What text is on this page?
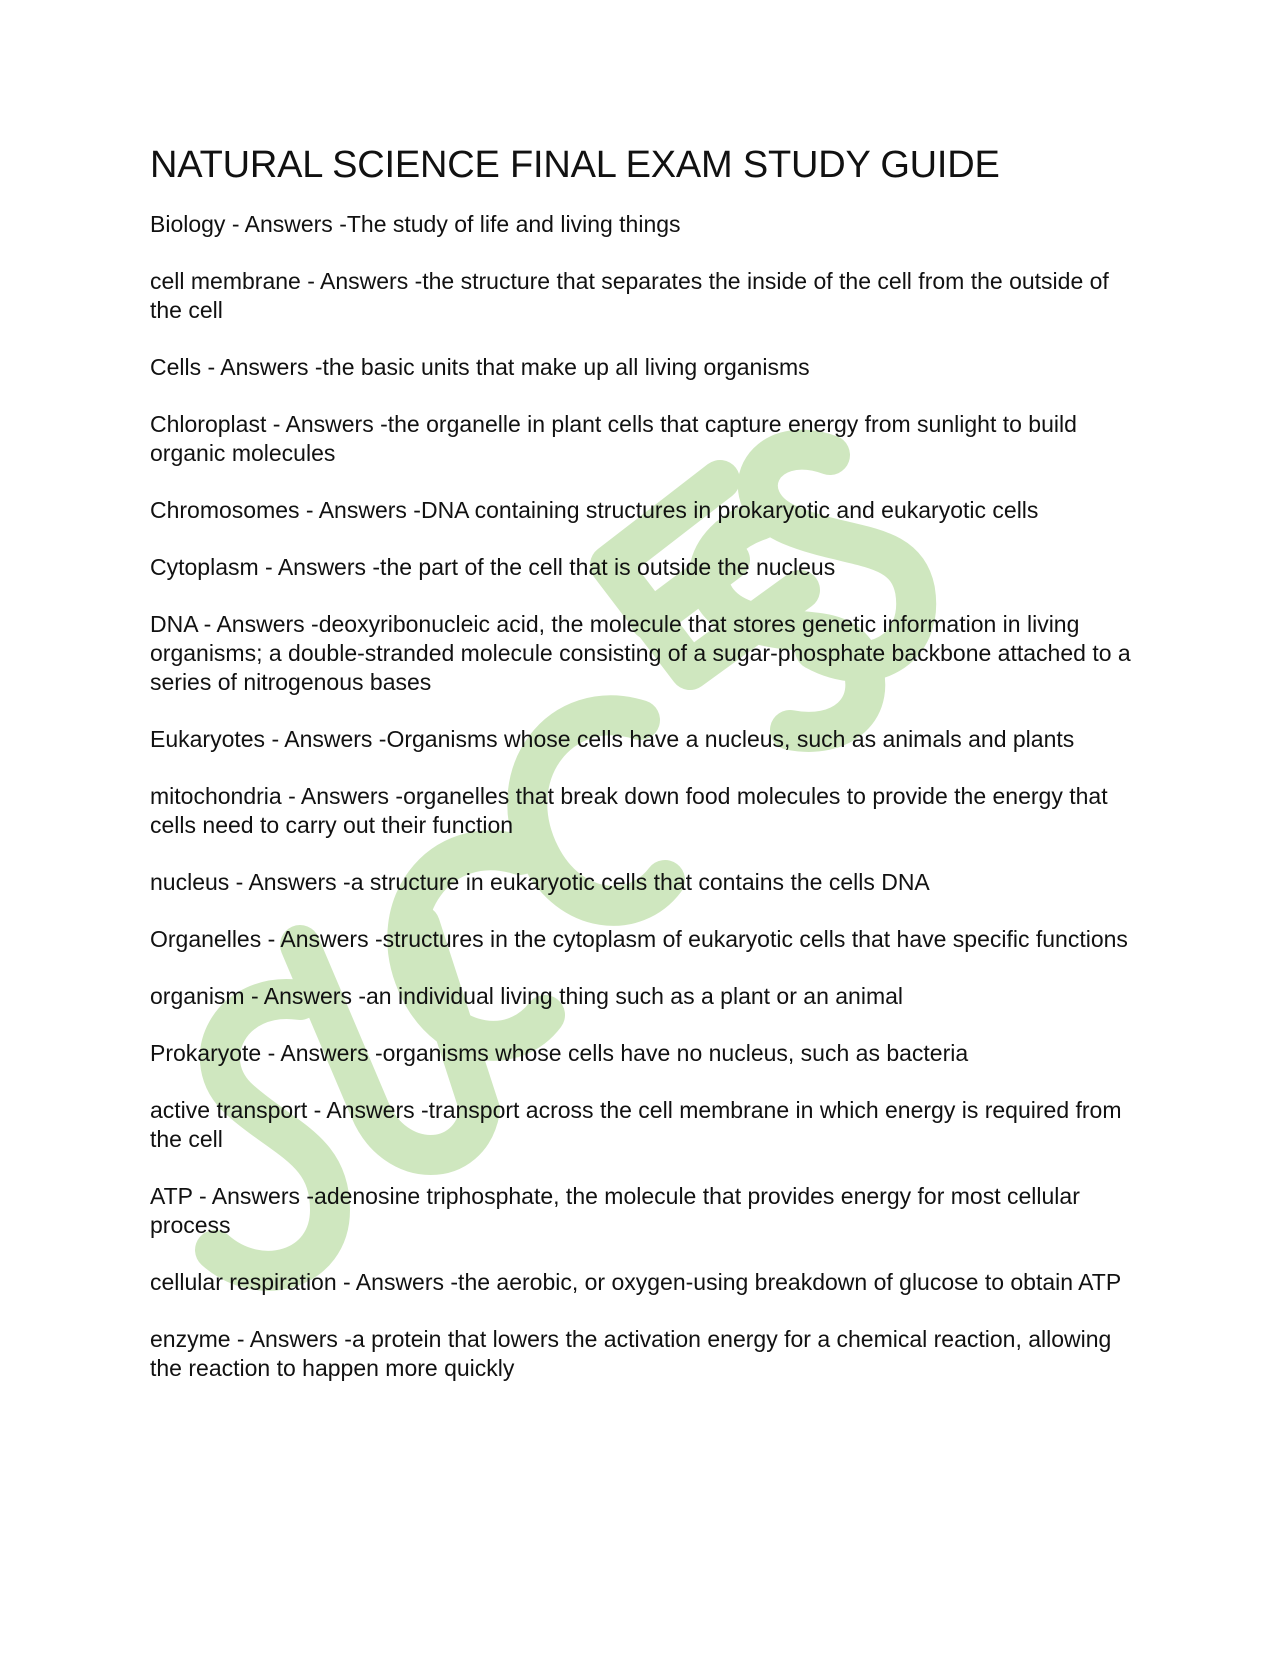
NATURAL SCIENCE FINAL EXAM STUDY GUIDE

Biology - Answers -The study of life and living things

cell membrane - Answers -the structure that separates the inside of the cell from the outside of the cell

Cells - Answers -the basic units that make up all living organisms

Chloroplast - Answers -the organelle in plant cells that capture energy from sunlight to build organic molecules

Chromosomes - Answers -DNA containing structures in prokaryotic and eukaryotic cells

Cytoplasm - Answers -the part of the cell that is outside the nucleus

DNA - Answers -deoxyribonucleic acid, the molecule that stores genetic information in living organisms; a double-stranded molecule consisting of a sugar-phosphate backbone attached to a series of nitrogenous bases

Eukaryotes - Answers -Organisms whose cells have a nucleus, such as animals and plants

mitochondria - Answers -organelles that break down food molecules to provide the energy that cells need to carry out their function

nucleus - Answers -a structure in eukaryotic cells that contains the cells DNA

Organelles - Answers -structures in the cytoplasm of eukaryotic cells that have specific functions

organism - Answers -an individual living thing such as a plant or an animal

Prokaryote - Answers -organisms whose cells have no nucleus, such as bacteria

active transport - Answers -transport across the cell membrane in which energy is required from the cell

ATP - Answers -adenosine triphosphate, the molecule that provides energy for most cellular process

cellular respiration - Answers -the aerobic, or oxygen-using breakdown of glucose to obtain ATP

enzyme - Answers -a protein that lowers the activation energy for a chemical reaction, allowing the reaction to happen more quickly
